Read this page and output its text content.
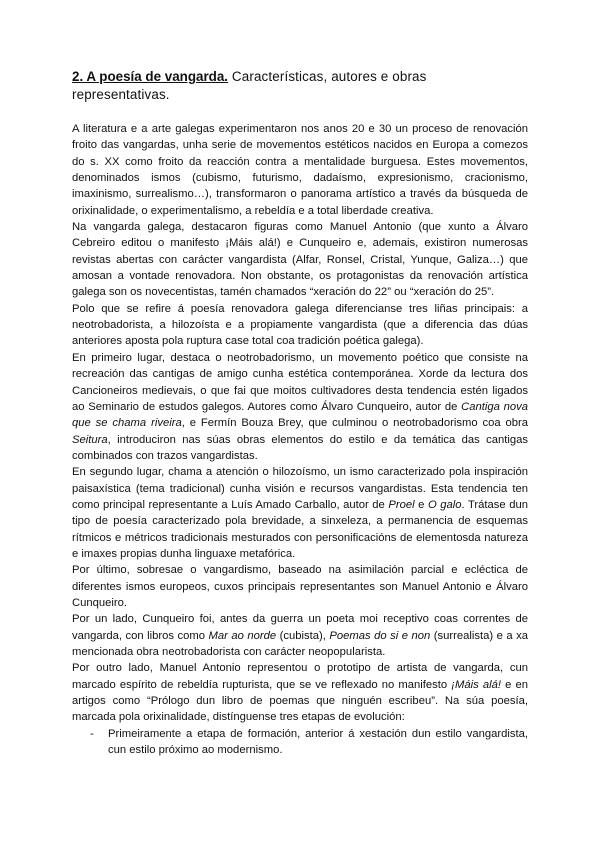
2. A poesía de vangarda. Características, autores e obras representativas.

A literatura e a arte galegas experimentaron nos anos 20 e 30 un proceso de renovación froito das vangardas, unha serie de movementos estéticos nacidos en Europa a comezos do s. XX como froito da reacción contra a mentalidade burguesa. Estes movementos, denominados ismos (cubismo, futurismo, dadaísmo, expresionismo, cracionismo, imaxinismo, surrealismo…), transformaron o panorama artístico a través da búsqueda de orixinalidade, o experimentalismo, a rebeldía e a total liberdade creativa.

Na vangarda galega, destacaron figuras como Manuel Antonio (que xunto a Álvaro Cebreiro editou o manifesto ¡Máis alá!) e Cunqueiro e, ademais, existiron numerosas revistas abertas con carácter vangardista (Alfar, Ronsel, Cristal, Yunque, Galiza…) que amosan a vontade renovadora. Non obstante, os protagonistas da renovación artística galega son os novecentistas, tamén chamados “xeración do 22” ou “xeración do 25”.

Polo que se refire á poesía renovadora galega diferencianse tres liñas principais: a neotrobadorista, a hilozoísta e a propiamente vangardista (que a diferencia das dúas anteriores aposta pola ruptura case total coa tradición poética galega).

En primeiro lugar, destaca o neotrobadorismo, un movemento poético que consiste na recreación das cantigas de amigo cunha estética contemporánea. Xorde da lectura dos Cancioneiros medievais, o que fai que moitos cultivadores desta tendencia estén ligados ao Seminario de estudos galegos. Autores como Álvaro Cunqueiro, autor de Cantiga nova que se chama riveira, e Fermín Bouza Brey, que culminou o neotrobadorismo coa obra Seitura, introduciron nas súas obras elementos do estilo e da temática das cantigas combinados con trazos vangardistas.

En segundo lugar, chama a atención o hilozoísmo, un ismo caracterizado pola inspiración paisaxística (tema tradicional) cunha visión e recursos vangardistas. Esta tendencia ten como principal representante a Luís Amado Carballo, autor de Proel e O galo. Trátase dun tipo de poesía caracterizado pola brevidade, a sinxeleza, a permanencia de esquemas rítmicos e métricos tradicionais mesturados con personificacións de elementosda natureza e imaxes propias dunha linguaxe metafórica.

Por último, sobresae o vangardismo, baseado na asimilación parcial e ecléctica de diferentes ismos europeos, cuxos principais representantes son Manuel Antonio e Álvaro Cunqueiro.

Por un lado, Cunqueiro foi, antes da guerra un poeta moi receptivo coas correntes de vangarda, con libros como Mar ao norde (cubista), Poemas do si e non (surrealista) e a xa mencionada obra neotrobadorista con carácter neopopularista.

Por outro lado, Manuel Antonio representou o prototipo de artista de vangarda, cun marcado espírito de rebeldía rupturista, que se ve reflexado no manifesto ¡Máis alá! e en artigos como “Prólogo dun libro de poemas que ninguén escribeu”. Na súa poesía, marcada pola orixinalidade, distínguense tres etapas de evolución:

- Primeiramente a etapa de formación, anterior á xestación dun estilo vangardista, cun estilo próximo ao modernismo.
